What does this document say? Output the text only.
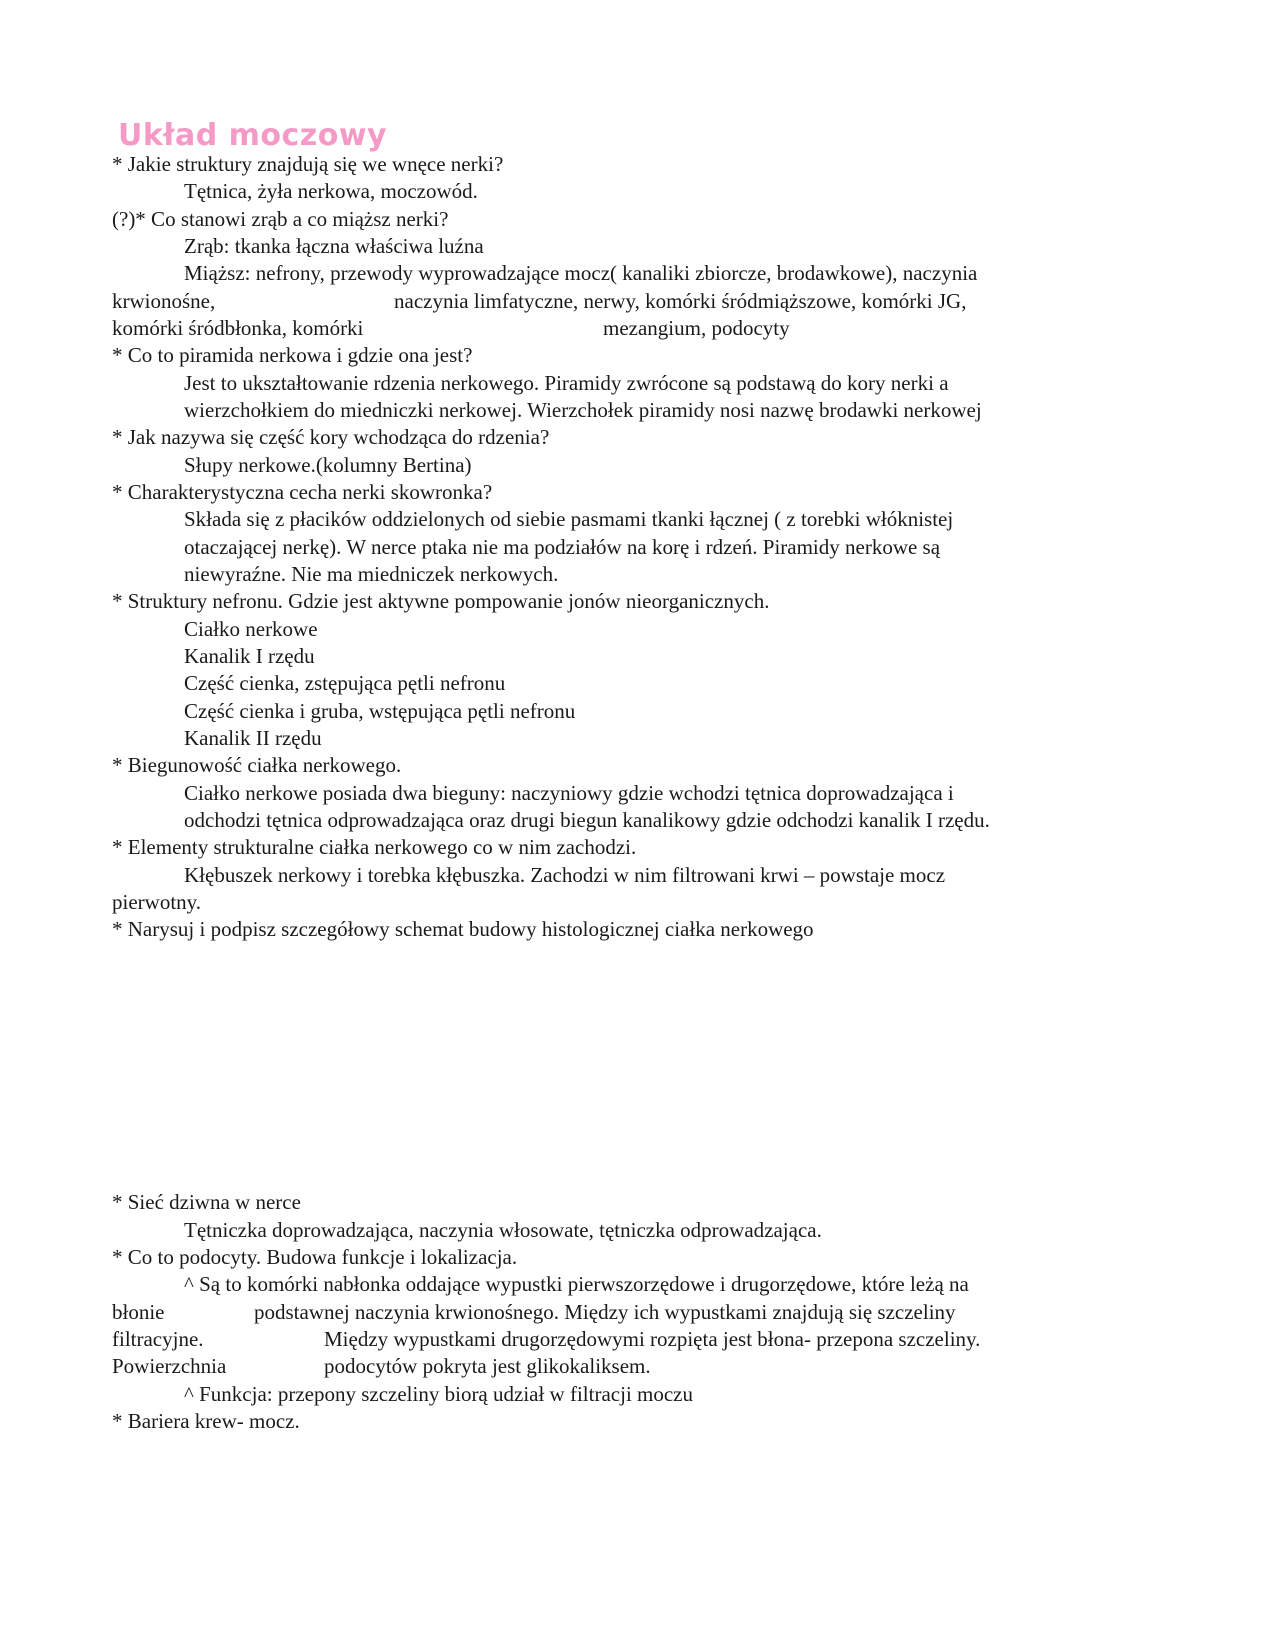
Układ moczowy
* Jakie struktury znajdują się we wnęce nerki?
Tętnica, żyła nerkowa, moczowód.
(?)* Co stanowi zrąb a co miąższ nerki?
Zrąb: tkanka łączna właściwa luźna
Miąższ: nefrony, przewody wyprowadzające mocz( kanaliki zbiorcze, brodawkowe), naczynia
krwionośne,	naczynia limfatyczne, nerwy, komórki śródmiąższowe, komórki JG,
komórki śródbłonka, komórki	mezangium, podocyty
* Co to piramida nerkowa i gdzie ona jest?
Jest to ukształtowanie rdzenia nerkowego. Piramidy zwrócone są podstawą do kory nerki a
wierzchołkiem do miedniczki nerkowej. Wierzchołek piramidy nosi nazwę brodawki nerkowej
* Jak nazywa się część kory wchodząca do rdzenia?
Słupy nerkowe.(kolumny Bertina)
* Charakterystyczna cecha nerki skowronka?
Składa się z płacików oddzielonych od siebie pasmami tkanki łącznej ( z torebki włóknistej
otaczającej nerkę). W nerce ptaka nie ma podziałów na korę i rdzeń. Piramidy nerkowe są
niewyraźne. Nie ma miedniczek nerkowych.
* Struktury nefronu. Gdzie jest aktywne pompowanie jonów nieorganicznych.
Ciałko nerkowe
Kanalik I rzędu
Część cienka, zstępująca pętli nefronu
Część cienka i gruba, wstępująca pętli nefronu
Kanalik II rzędu
* Biegunowość ciałka nerkowego.
Ciałko nerkowe posiada dwa bieguny: naczyniowy gdzie wchodzi tętnica doprowadzająca i
odchodzi tętnica odprowadzająca oraz drugi biegun kanalikowy gdzie odchodzi kanalik I rzędu.
* Elementy strukturalne ciałka nerkowego co w nim zachodzi.
Kłębuszek nerkowy i torebka kłębuszka. Zachodzi w nim filtrowani krwi – powstaje mocz
pierwotny.
* Narysuj i podpisz szczegółowy schemat budowy histologicznej ciałka nerkowego
* Sieć dziwna w nerce
Tętniczka doprowadzająca, naczynia włosowate, tętniczka odprowadzająca.
* Co to podocyty. Budowa funkcje i lokalizacja.
^ Są to komórki nabłonka oddające wypustki pierwszorzędowe i drugorzędowe, które leżą na
błonie	podstawnej naczynia krwionośnego. Między ich wypustkami znajdują się szczeliny
filtracyjne.	Między wypustkami drugorzędowymi rozpięta jest błona- przepona szczeliny.
Powierzchnia	podocytów pokryta jest glikokaliksem.
^ Funkcja: przepony szczeliny biorą udział w filtracji moczu
* Bariera krew- mocz.
